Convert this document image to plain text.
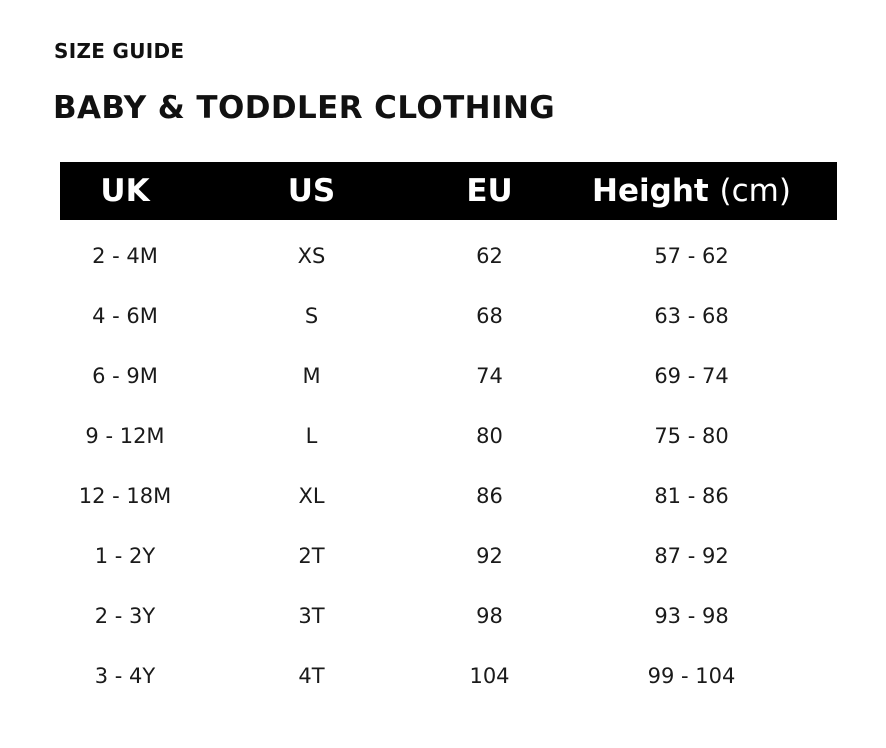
SIZE GUIDE
BABY & TODDLER CLOTHING
UK	US	EU	Height (cm)
2 - 4M	XS	62	57 - 62
4 - 6M	S	68	63 - 68
6 - 9M	M	74	69 - 74
9 - 12M	L	80	75 - 80
12 - 18M	XL	86	81 - 86
1 - 2Y	2T	92	87 - 92
2 - 3Y	3T	98	93 - 98
3 - 4Y	4T	104	99 - 104
